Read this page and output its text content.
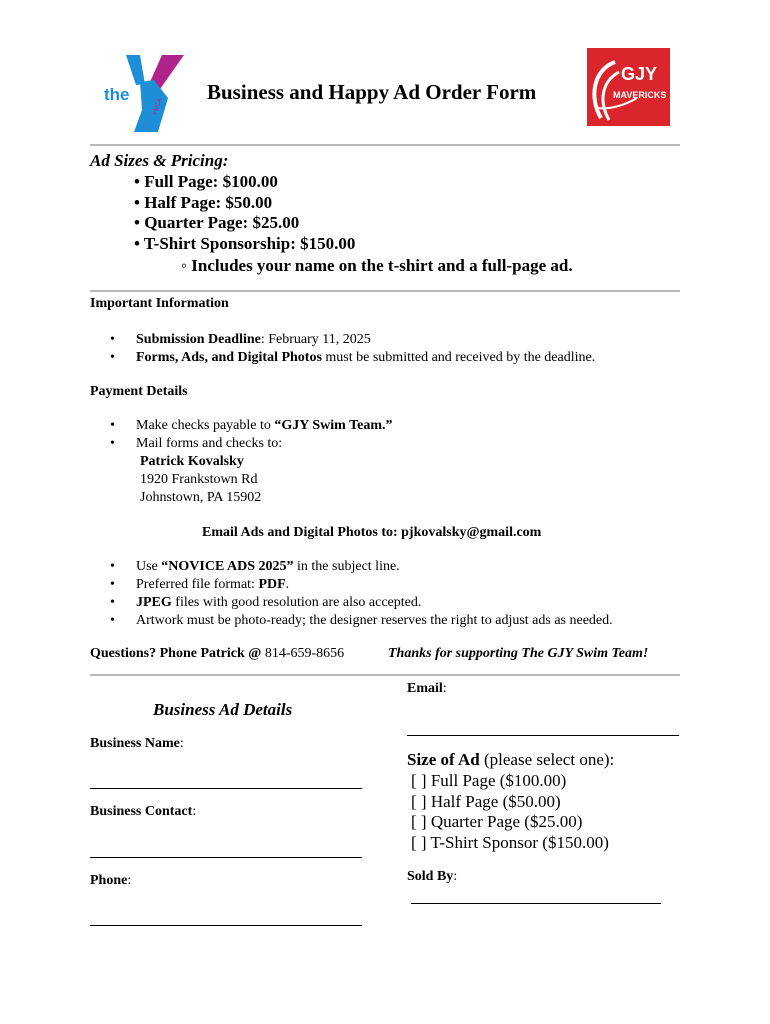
the
YMCA
Business and Happy Ad Order Form
GJY
MAVERICKS
Ad Sizes & Pricing:
• Full Page: $100.00
• Half Page: $50.00
• Quarter Page: $25.00
• T-Shirt Sponsorship: $150.00
◦ Includes your name on the t-shirt and a full-page ad.
Important Information
• Submission Deadline: February 11, 2025
• Forms, Ads, and Digital Photos must be submitted and received by the deadline.
Payment Details
• Make checks payable to “GJY Swim Team.”
• Mail forms and checks to:
Patrick Kovalsky
1920 Frankstown Rd
Johnstown, PA 15902
Email Ads and Digital Photos to: pjkovalsky@gmail.com
• Use “NOVICE ADS 2025” in the subject line.
• Preferred file format: PDF.
• JPEG files with good resolution are also accepted.
• Artwork must be photo-ready; the designer reserves the right to adjust ads as needed.
Questions? Phone Patrick @ 814-659-8656	Thanks for supporting The GJY Swim Team!
Business Ad Details
Business Name:
Business Contact:
Phone:
Email:
Size of Ad (please select one):
[ ] Full Page ($100.00)
[ ] Half Page ($50.00)
[ ] Quarter Page ($25.00)
[ ] T-Shirt Sponsor ($150.00)
Sold By:
